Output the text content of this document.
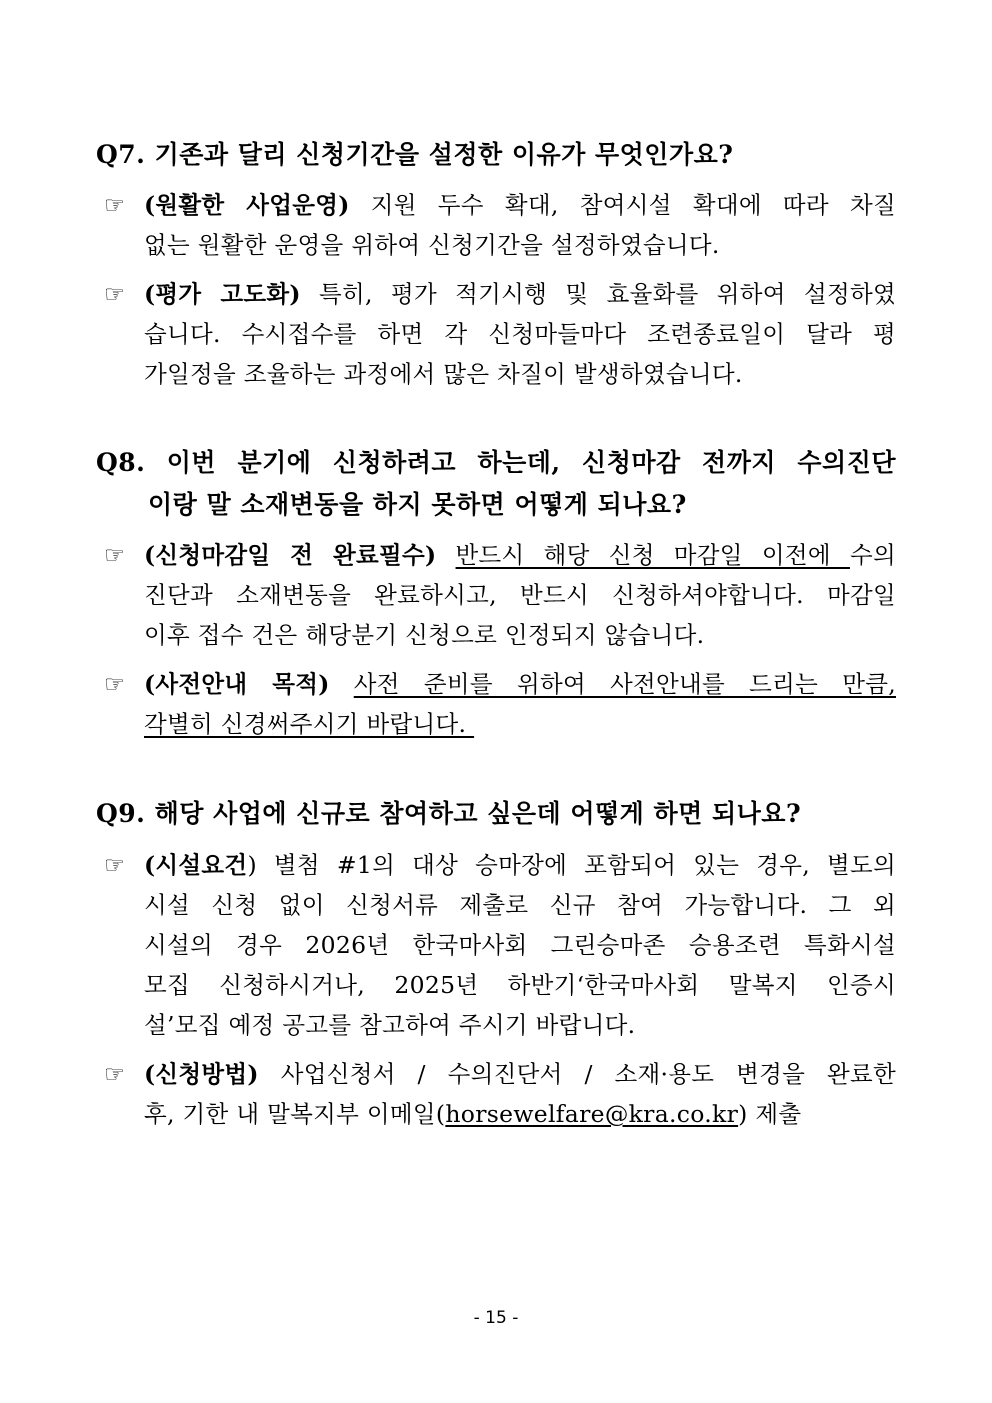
Q7. 기존과 달리 신청기간을 설정한 이유가 무엇인가요?
☞ (원활한 사업운영) 지원 두수 확대, 참여시설 확대에 따라 차질
없는 원활한 운영을 위하여 신청기간을 설정하였습니다.
☞ (평가 고도화) 특히, 평가 적기시행 및 효율화를 위하여 설정하였
습니다. 수시접수를 하면 각 신청마들마다 조련종료일이 달라 평
가일정을 조율하는 과정에서 많은 차질이 발생하였습니다.
Q8. 이번 분기에 신청하려고 하는데, 신청마감 전까지 수의진단
이랑 말 소재변동을 하지 못하면 어떻게 되나요?
☞ (신청마감일 전 완료필수) 반드시 해당 신청 마감일 이전에 수의
진단과 소재변동을 완료하시고, 반드시 신청하셔야합니다. 마감일
이후 접수 건은 해당분기 신청으로 인정되지 않습니다.
☞ (사전안내 목적) 사전 준비를 위하여 사전안내를 드리는 만큼,
각별히 신경써주시기 바랍니다.
Q9. 해당 사업에 신규로 참여하고 싶은데 어떻게 하면 되나요?
☞ (시설요건) 별첨 #1의 대상 승마장에 포함되어 있는 경우, 별도의
시설 신청 없이 신청서류 제출로 신규 참여 가능합니다. 그 외
시설의 경우 2026년 한국마사회 그린승마존 승용조련 특화시설
모집 신청하시거나, 2025년 하반기‘한국마사회 말복지 인증시
설’모집 예정 공고를 참고하여 주시기 바랍니다.
☞ (신청방법) 사업신청서 / 수의진단서 / 소재·용도 변경을 완료한
후, 기한 내 말복지부 이메일(horsewelfare@kra.co.kr) 제출
- 15 -
